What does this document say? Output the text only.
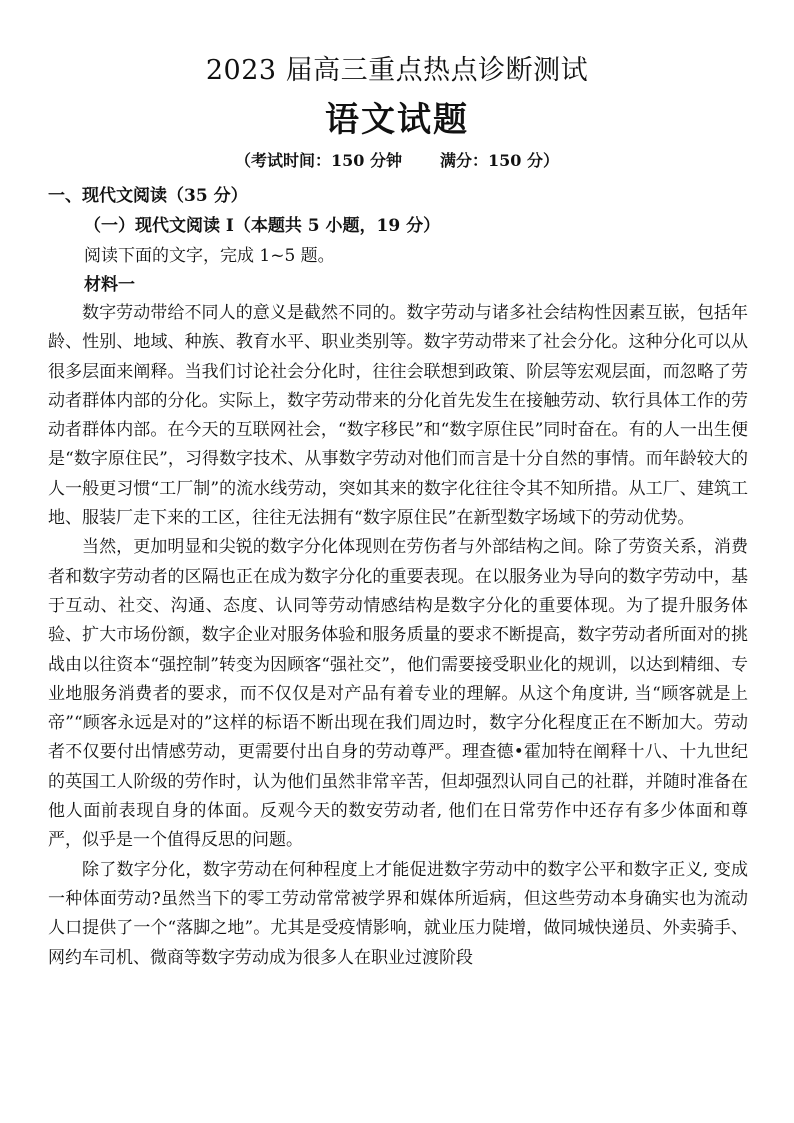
2023 届高三重点热点诊断测试
语文试题
（考试时间：150 分钟 满分：150 分）
一、现代文阅读（35 分）
（一）现代文阅读 I（本题共 5 小题，19 分）
阅读下面的文字，完成 1~5 题。
材料一

数字劳动带给不同人的意义是截然不同的。数字劳动与诸多社会结构性因素互嵌，包括年龄、性别、地域、种族、教育水平、职业类别等。数字劳动带来了社会分化。这种分化可以从很多层面来阐释。当我们讨论社会分化时，往往会联想到政策、阶层等宏观层面，而忽略了劳动者群体内部的分化。实际上，数字劳动带来的分化首先发生在接触劳动、软行具体工作的劳动者群体内部。在今天的互联网社会，“数字移民”和“数字原住民”同时奋在。有的人一出生便是“数字原住民”，习得数字技术、从事数字劳动对他们而言是十分自然的事情。而年龄较大的人一般更习惯“工厂制”的流水线劳动，突如其来的数字化往往令其不知所措。从工厂、建筑工地、服装厂走下来的工区，往往无法拥有“数字原住民”在新型数字场域下的劳动优势。

当然，更加明显和尖锐的数字分化体现则在劳伤者与外部结构之间。除了劳资关系，消费者和数字劳动者的区隔也正在成为数字分化的重要表现。在以服务业为导向的数字劳动中，基于互动、社交、沟通、态度、认同等劳动情感结构是数字分化的重要体现。为了提升服务体验、扩大市场份额，数字企业对服务体验和服务质量的要求不断提高，数字劳动者所面对的挑战由以往资本“强控制”转变为因顾客“强社交”，他们需要接受职业化的规训，以达到精细、专业地服务消费者的要求，而不仅仅是对产品有着专业的理解。从这个角度讲, 当“顾客就是上帝”“顾客永远是对的”这样的标语不断出现在我们周边时，数字分化程度正在不断加大。劳动者不仅要付出情感劳动，更需要付出自身的劳动尊严。理查德•霍加特在阐释十八、十九世纪的英国工人阶级的劳作时，认为他们虽然非常辛苦，但却强烈认同自己的社群，并随时准备在他人面前表现自身的体面。反观今天的数安劳动者, 他们在日常劳作中还存有多少体面和尊严，似乎是一个值得反思的问题。

除了数字分化，数字劳动在何种程度上才能促进数字劳动中的数字公平和数字正义, 变成一种体面劳动?虽然当下的零工劳动常常被学界和媒体所逅病，但这些劳动本身确实也为流动人口提供了一个“落脚之地”。尤其是受疫情影响，就业压力陡增，做同城快递员、外卖骑手、网约车司机、微商等数字劳动成为很多人在职业过渡阶段
